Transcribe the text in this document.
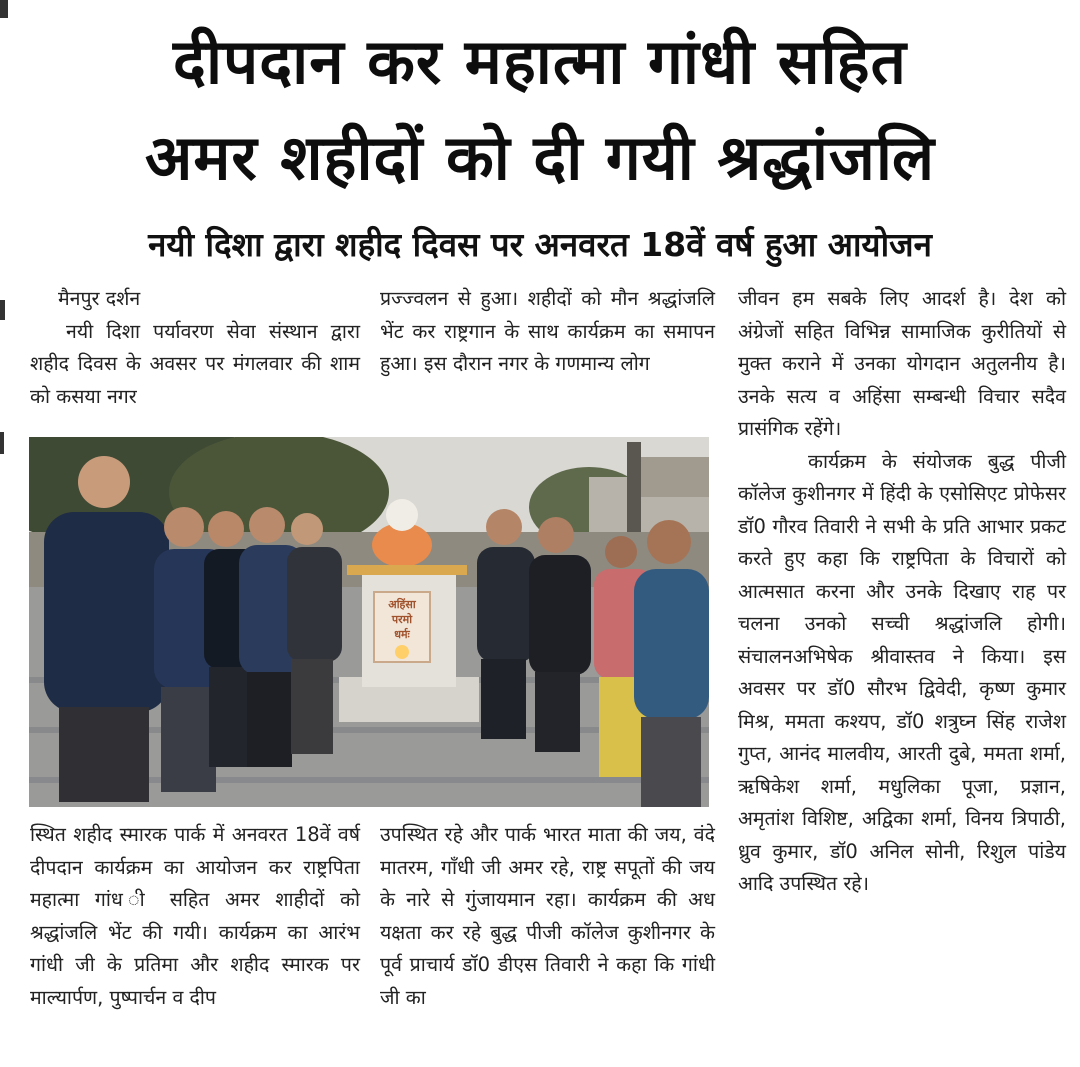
दीपदान कर महात्मा गांधी सहित
अमर शहीदों को दी गयी श्रद्धांजलि
नयी दिशा द्वारा शहीद दिवस पर अनवरत 18वें वर्ष हुआ आयोजन

मैनपुर दर्शन

नयी दिशा पर्यावरण सेवा संस्थान द्वारा शहीद दिवस के अवसर पर मंगलवार की शाम को कसया नगर

प्रज्ज्वलन से हुआ। शहीदों को मौन श्रद्धांजलि भेंट कर राष्ट्रगान के साथ कार्यक्रम का समापन हुआ। इस दौरान नगर के गणमान्य लोग

जीवन हम सबके लिए आदर्श है। देश को अंग्रेजों सहित विभिन्न सामाजिक कुरीतियों से मुक्त कराने में उनका योगदान अतुलनीय है। उनके सत्य व अहिंसा सम्बन्धी विचार सदैव प्रासंगिक रहेंगे।

कार्यक्रम के संयोजक बुद्ध पीजी कॉलेज कुशीनगर में हिंदी के एसोसिएट प्रोफेसर डॉ0 गौरव तिवारी ने सभी के प्रति आभार प्रकट करते हुए कहा कि राष्ट्रपिता के विचारों को आत्मसात करना और उनके दिखाए राह पर चलना उनको सच्ची श्रद्धांजलि होगी। संचालनअभिषेक श्रीवास्तव ने किया। इस अवसर पर डॉ0 सौरभ द्विवेदी, कृष्ण कुमार मिश्र, ममता कश्यप, डॉ0 शत्रुघ्न सिंह राजेश गुप्त, आनंद मालवीय, आरती दुबे, ममता शर्मा, ऋषिकेश शर्मा, मधुलिका पूजा, प्रज्ञान, अमृतांश विशिष्ट, अद्विका शर्मा, विनय त्रिपाठी, ध्रुव कुमार, डॉ0 अनिल सोनी, रिशुल पांडेय आदि उपस्थित रहे।

अहिंसा
परमो
धर्मः

स्थित शहीद स्मारक पार्क में अनवरत 18वें वर्ष दीपदान कार्यक्रम का आयोजन कर राष्ट्रपिता महात्मा गांध ी सहित अमर शाहीदों को श्रद्धांजलि भेंट की गयी। कार्यक्रम का आरंभ गांधी जी के प्रतिमा और शहीद स्मारक पर माल्यार्पण, पुष्पार्चन व दीप

उपस्थित रहे और पार्क भारत माता की जय, वंदे मातरम, गाँधी जी अमर रहे, राष्ट्र सपूतों की जय के नारे से गुंजायमान रहा। कार्यक्रम की अध यक्षता कर रहे बुद्ध पीजी कॉलेज कुशीनगर के पूर्व प्राचार्य डॉ0 डीएस तिवारी ने कहा कि गांधी जी का
